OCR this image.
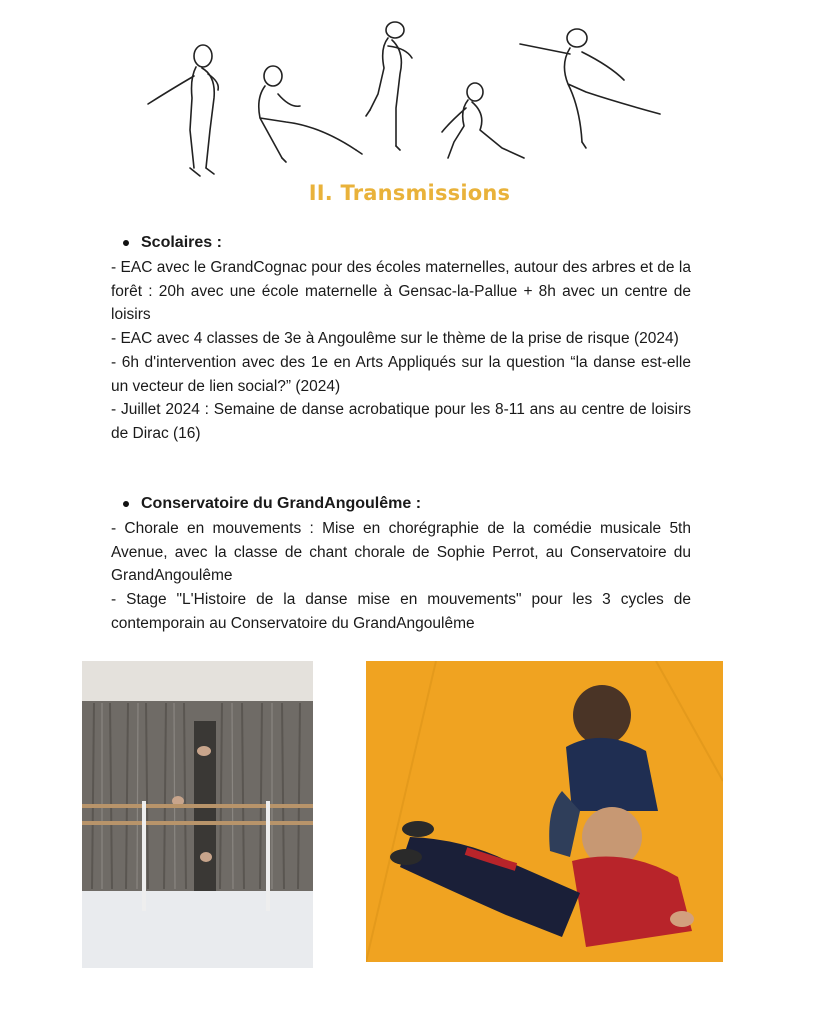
II. Transmissions
Scolaires :

- EAC avec le GrandCognac pour des écoles maternelles, autour des arbres et de la forêt : 20h avec une école maternelle à Gensac-la-Pallue + 8h avec un centre de loisirs

- EAC avec 4 classes de 3e à Angoulême sur le thème de la prise de risque (2024)

- 6h d'intervention avec des 1e en Arts Appliqués sur la question “la danse est-elle un vecteur de lien social?” (2024)

- Juillet 2024 : Semaine de danse acrobatique pour les 8-11 ans au centre de loisirs de Dirac (16)

Conservatoire du GrandAngoulême :

- Chorale en mouvements : Mise en chorégraphie de la comédie musicale 5th Avenue, avec la classe de chant chorale de Sophie Perrot, au Conservatoire du GrandAngoulême

- Stage "L'Histoire de la danse mise en mouvements" pour les 3 cycles de contemporain au Conservatoire du GrandAngoulême
